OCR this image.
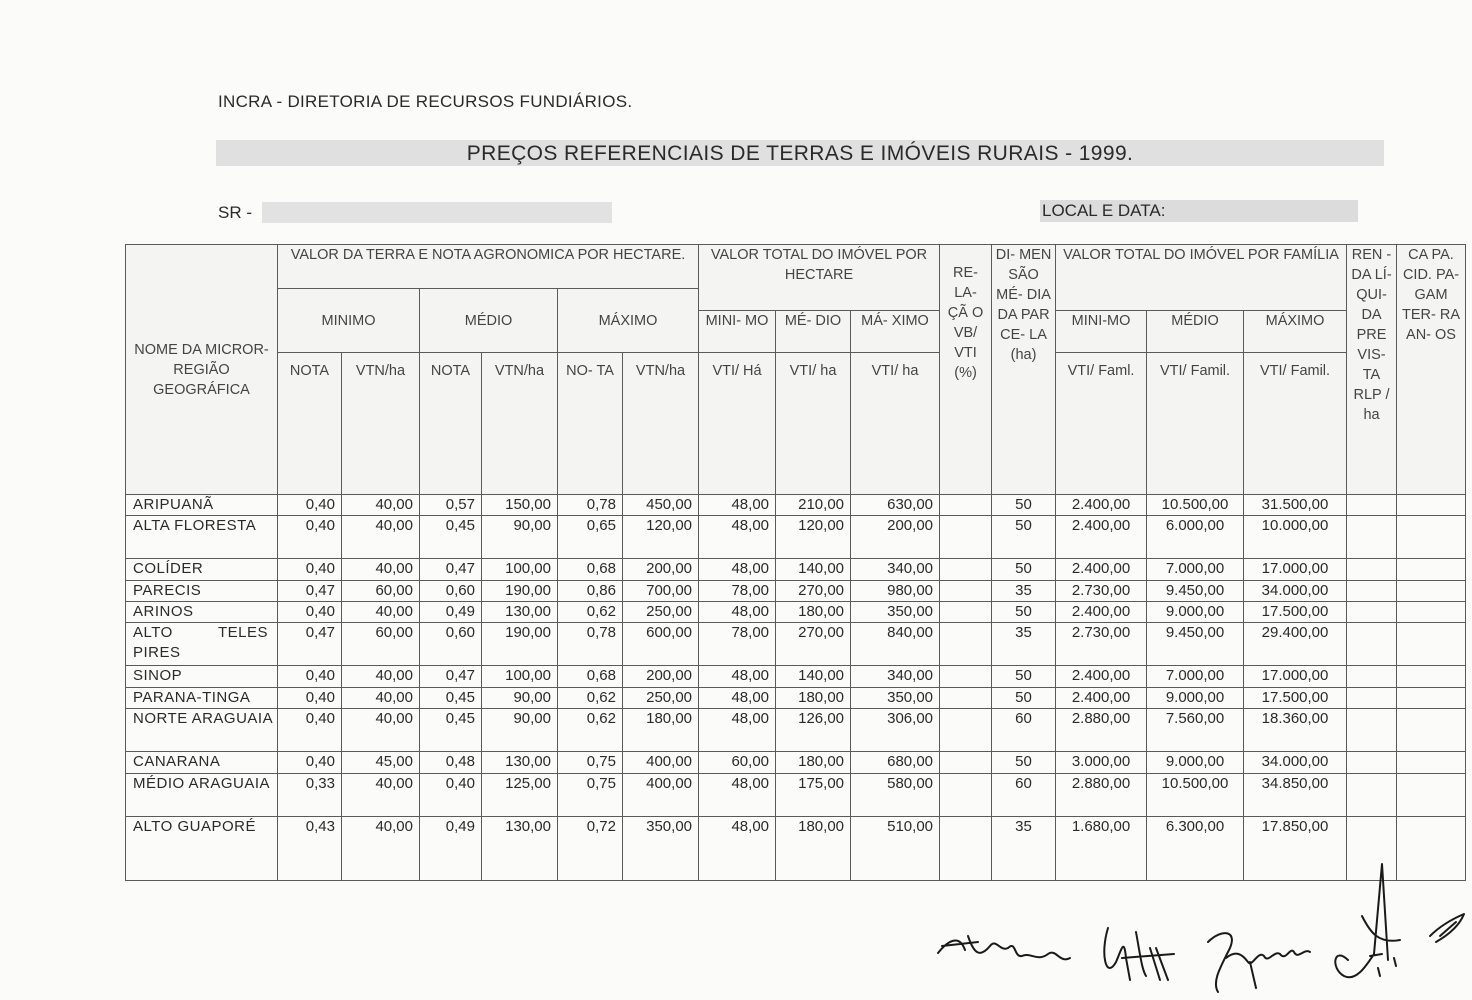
INCRA - DIRETORIA DE RECURSOS FUNDIÁRIOS.
PREÇOS REFERENCIAIS DE TERRAS E IMÓVEIS RURAIS - 1999.
SR -	LOCAL E DATA:
NOME DA MICROR- REGIÃO GEOGRÁFICA	VALOR DA TERRA E NOTA AGRONOMICA POR HECTARE.						VALOR TOTAL DO IMÓVEL POR HECTARE			RE- LA- ÇÃ O VB/ VTI (%)	DI- MEN SÃO MÉ- DIA DA PAR CE- LA (ha)	VALOR TOTAL DO IMÓVEL POR FAMÍLIA			REN - DA LÍ- QUI- DA PRE VIS- TA RLP / ha	CA PA. CID. PA- GAM TER- RA AN- OS
	MINIMO		MÉDIO		MÁXIMO											
							MINI- MO	MÉ- DIO	MÁ- XIMO			MINI-MO	MÉDIO	MÁXIMO		
	NOTA	VTN/ha	NOTA	VTN/ha	NO- TA	VTN/ha	VTI/ Há	VTI/ ha	VTI/ ha			VTI/ Faml.	VTI/ Famil.	VTI/ Famil.		
ARIPUANÃ	0,40	40,00	0,57	150,00	0,78	450,00	48,00	210,00	630,00		50	2.400,00	10.500,00	31.500,00		
ALTA FLORESTA	0,40	40,00	0,45	90,00	0,65	120,00	48,00	120,00	200,00		50	2.400,00	6.000,00	10.000,00		
COLÍDER	0,40	40,00	0,47	100,00	0,68	200,00	48,00	140,00	340,00		50	2.400,00	7.000,00	17.000,00		
PARECIS	0,47	60,00	0,60	190,00	0,86	700,00	78,00	270,00	980,00		35	2.730,00	9.450,00	34.000,00		
ARINOS	0,40	40,00	0,49	130,00	0,62	250,00	48,00	180,00	350,00		50	2.400,00	9.000,00	17.500,00		

ALTO TELES
PIRES	0,47	60,00	0,60	190,00	0,78	600,00	78,00	270,00	840,00		35	2.730,00	9.450,00	29.400,00		
SINOP	0,40	40,00	0,47	100,00	0,68	200,00	48,00	140,00	340,00		50	2.400,00	7.000,00	17.000,00		
PARANA-TINGA	0,40	40,00	0,45	90,00	0,62	250,00	48,00	180,00	350,00		50	2.400,00	9.000,00	17.500,00		
NORTE ARAGUAIA	0,40	40,00	0,45	90,00	0,62	180,00	48,00	126,00	306,00		60	2.880,00	7.560,00	18.360,00		
CANARANA	0,40	45,00	0,48	130,00	0,75	400,00	60,00	180,00	680,00		50	3.000,00	9.000,00	34.000,00		
MÉDIO ARAGUAIA	0,33	40,00	0,40	125,00	0,75	400,00	48,00	175,00	580,00		60	2.880,00	10.500,00	34.850,00		
ALTO GUAPORÉ	0,43	40,00	0,49	130,00	0,72	350,00	48,00	180,00	510,00		35	1.680,00	6.300,00	17.850,00		
